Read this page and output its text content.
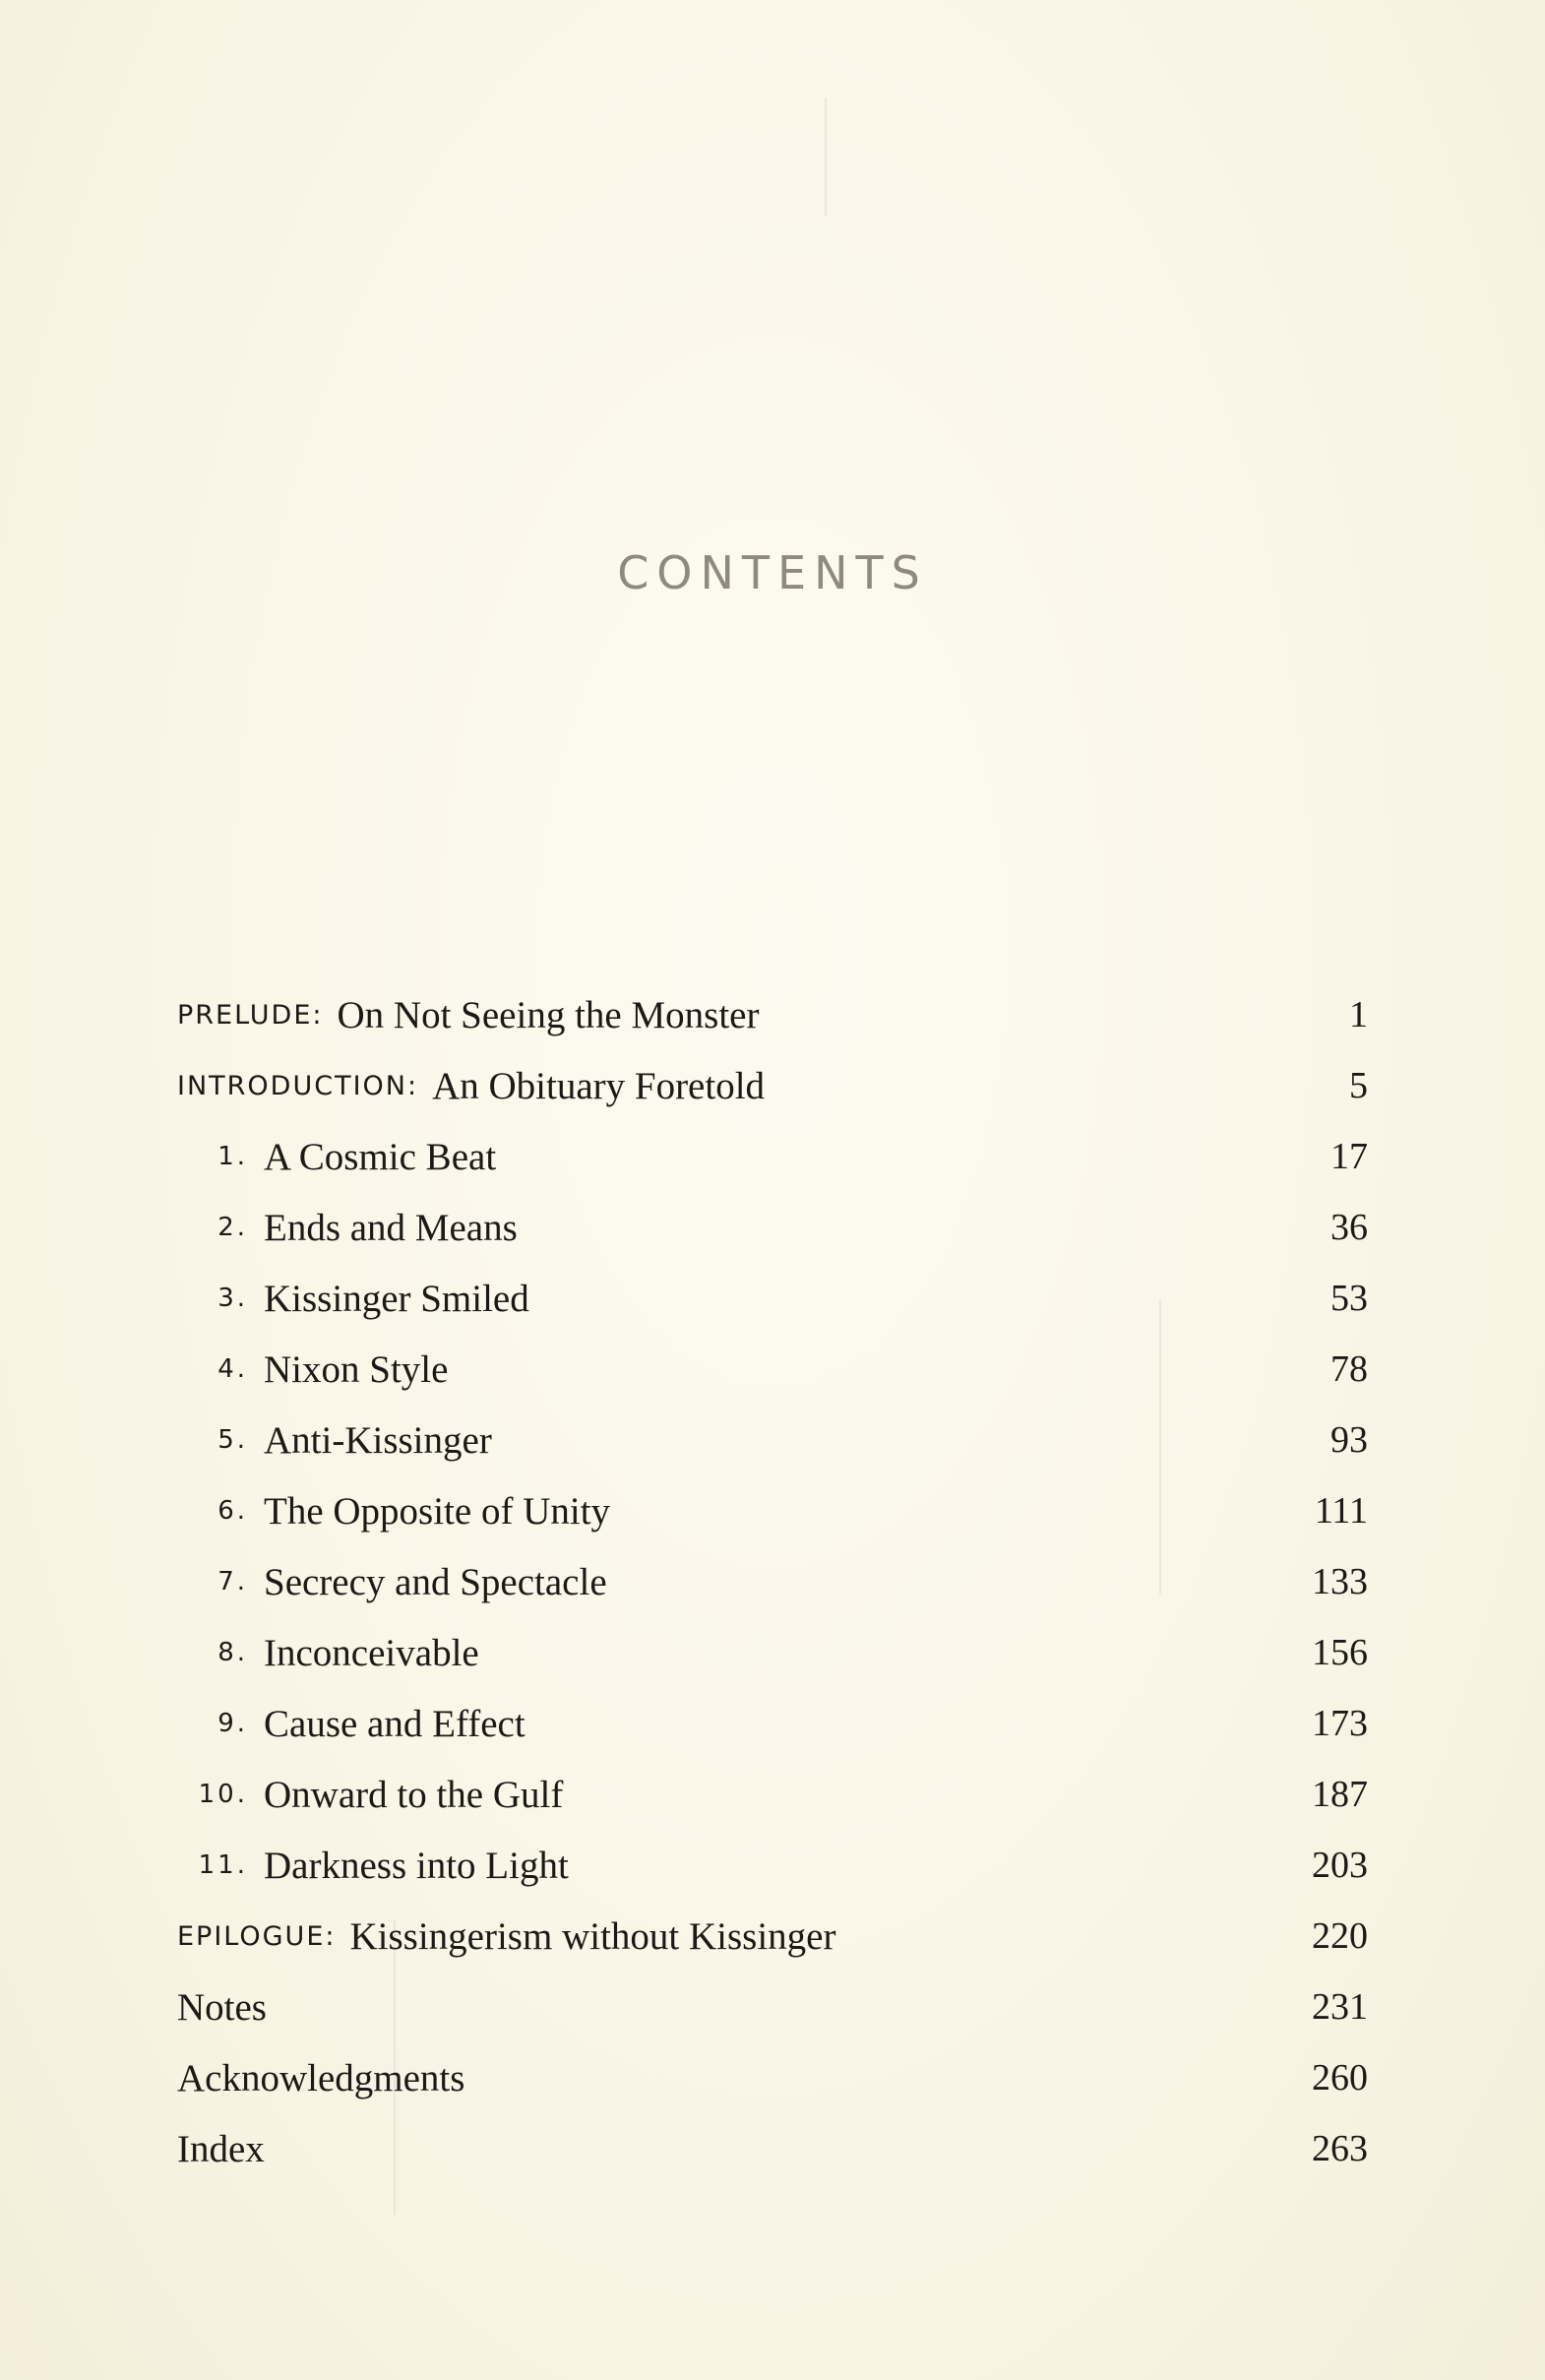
CONTENTS
PRELUDE: On Not Seeing the Monster	1
INTRODUCTION: An Obituary Foretold	5
1. A Cosmic Beat	17
2. Ends and Means	36
3. Kissinger Smiled	53
4. Nixon Style	78
5. Anti-Kissinger	93
6. The Opposite of Unity	111
7. Secrecy and Spectacle	133
8. Inconceivable	156
9. Cause and Effect	173
10. Onward to the Gulf	187
11. Darkness into Light	203
EPILOGUE: Kissingerism without Kissinger	220
Notes	231
Acknowledgments	260
Index	263
